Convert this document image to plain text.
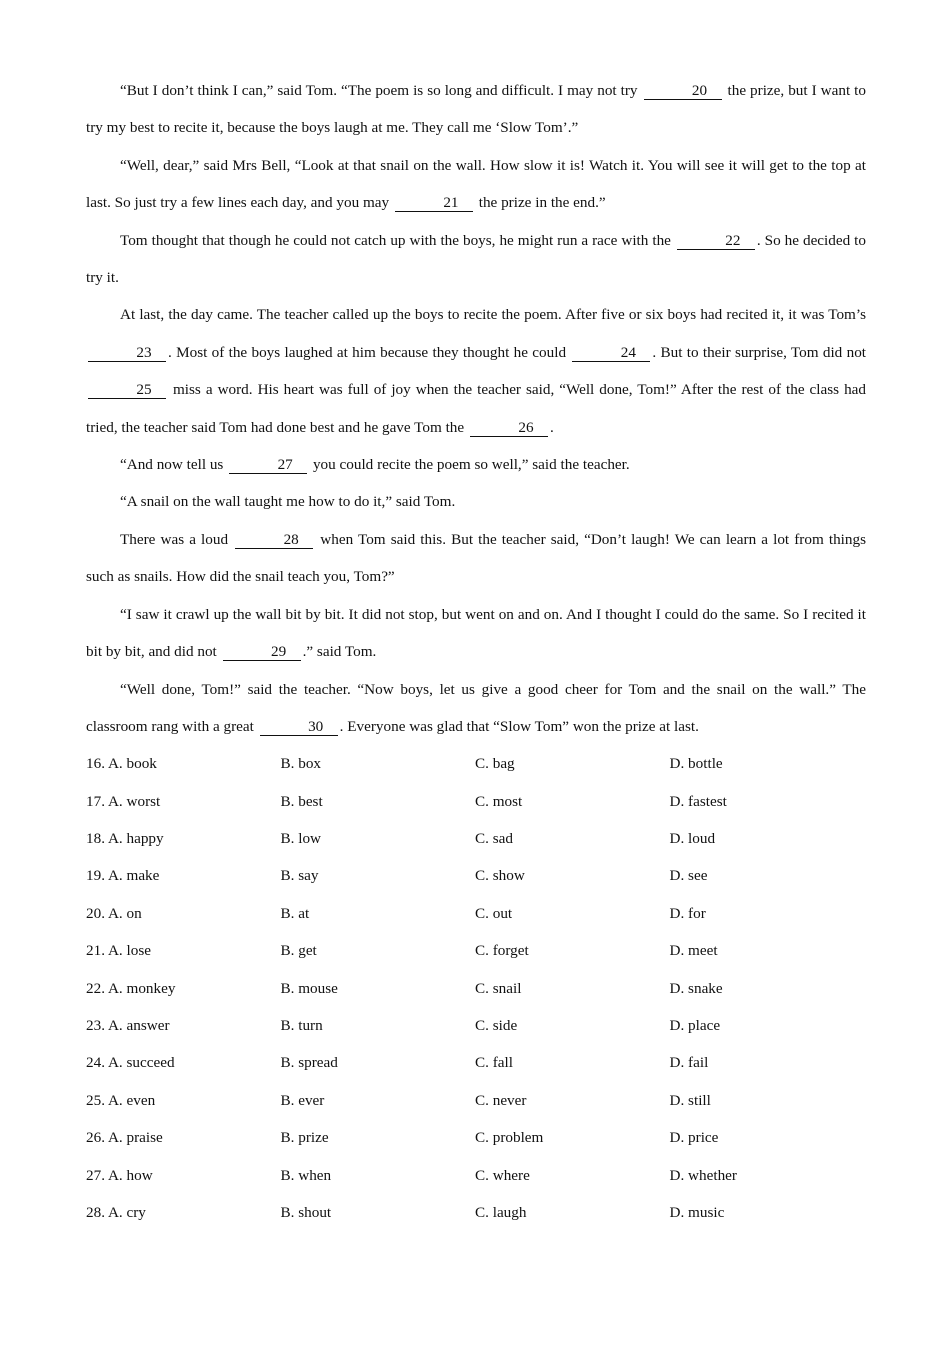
“But I don’t think I can,” said Tom. “The poem is so long and difficult. I may not try	20 the prize, but I want to try my best to recite it, because the boys laugh at me. They call me ‘Slow Tom’.”

“Well, dear,” said Mrs Bell, “Look at that snail on the wall. How slow it is! Watch it. You will see it will get to the top at last. So just try a few lines each day, and you may	21 the prize in the end.”

Tom thought that though he could not catch up with the boys, he might run a race with the	22 . So he decided to try it.

At last, the day came. The teacher called up the boys to recite the poem. After five or six boys had recited it, it was Tom’s 23 . Most of the boys laughed at him because they thought he could	24 . But to their surprise, Tom did not 25 miss a word. His heart was full of joy when the teacher said, “Well done, Tom!” After the rest of the class had tried, the teacher said Tom had done best and he gave Tom the	26 .

“And now tell us	27 you could recite the poem so well,” said the teacher.

“A snail on the wall taught me how to do it,” said Tom.

There was a loud	28 when Tom said this. But the teacher said, “Don’t laugh! We can learn a lot from things such as snails. How did the snail teach you, Tom?”

“I saw it crawl up the wall bit by bit. It did not stop, but went on and on. And I thought I could do the same. So I recited it bit by bit, and did not	29 .” said Tom.

“Well done, Tom!” said the teacher. “Now boys, let us give a good cheer for Tom and the snail on the wall.” The classroom rang with a great	30 . Everyone was glad that “Slow Tom” won the prize at last.

16. A. book	B. box	C. bag	D. bottle
17. A. worst	B. best	C. most	D. fastest
18. A. happy	B. low	C. sad	D. loud
19. A. make	B. say	C. show	D. see
20. A. on	B. at	C. out	D. for
21. A. lose	B. get	C. forget	D. meet
22. A. monkey	B. mouse	C. snail	D. snake
23. A. answer	B. turn	C. side	D. place
24. A. succeed	B. spread	C. fall	D. fail
25. A. even	B. ever	C. never	D. still
26. A. praise	B. prize	C. problem	D. price
27. A. how	B. when	C. where	D. whether
28. A. cry	B. shout	C. laugh	D. music
